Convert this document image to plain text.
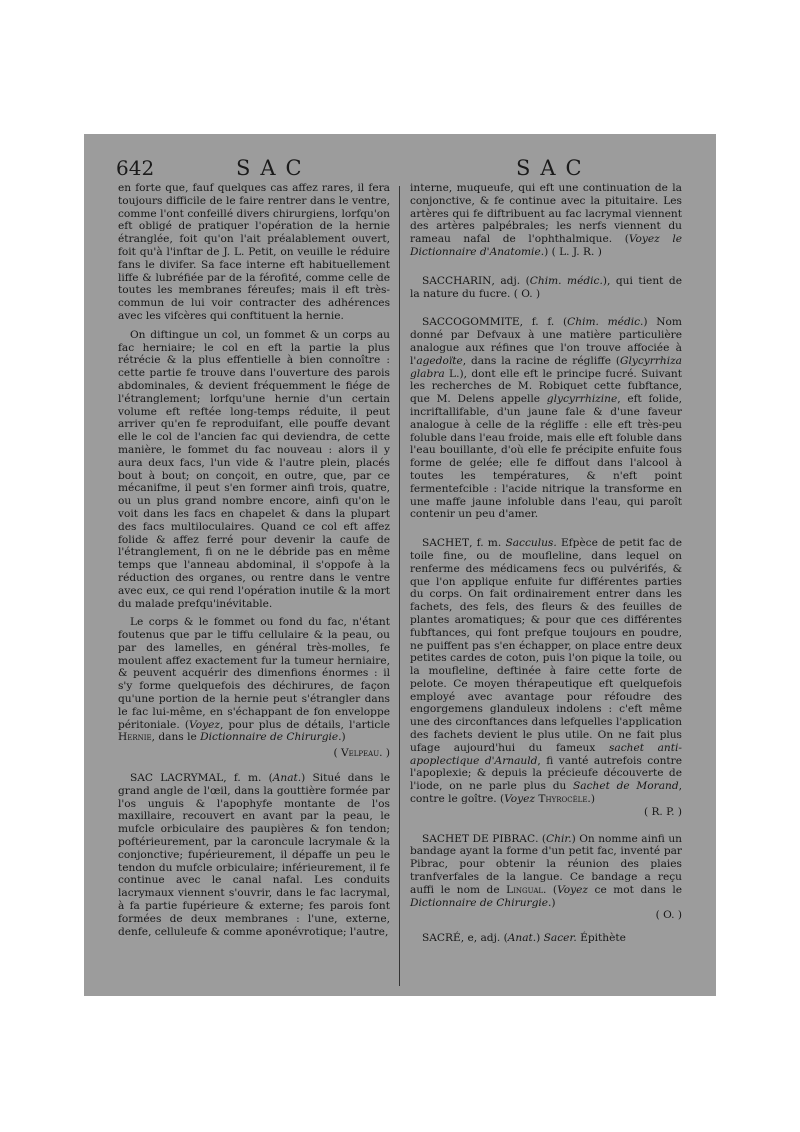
642	SAC	SAC

en forte que, fauf quelques cas affez rares, il fera toujours difficile de le faire rentrer dans le ventre, comme l'ont confeillé divers chirurgiens, lorfqu'on eft obligé de pratiquer l'opération de la hernie étranglée, foit qu'on l'ait préalablement ouvert, foit qu'à l'inftar de J. L. Petit, on veuille le réduire fans le divifer. Sa face interne eft habituellement liffe & lubréfiée par de la férofité, comme celle de toutes les membranes féreufes; mais il eft très-commun de lui voir contracter des adhérences avec les vifcères qui conftituent la hernie.

On diftingue un col, un fommet & un corps au fac herniaire; le col en eft la partie la plus rétrécie & la plus effentielle à bien connoître : cette partie fe trouve dans l'ouverture des parois abdominales, & devient fréquemment le fiége de l'étranglement; lorfqu'une hernie d'un certain volume eft reftée long-temps réduite, il peut arriver qu'en fe reproduifant, elle pouffe devant elle le col de l'ancien fac qui deviendra, de cette manière, le fommet du fac nouveau : alors il y aura deux facs, l'un vide & l'autre plein, placés bout à bout; on conçoit, en outre, que, par ce mécanifme, il peut s'en former ainfi trois, quatre, ou un plus grand nombre encore, ainfi qu'on le voit dans les facs en chapelet & dans la plupart des facs multiloculaires. Quand ce col eft affez folide & affez ferré pour devenir la caufe de l'étranglement, fi on ne le débride pas en même temps que l'anneau abdominal, il s'oppofe à la réduction des organes, ou rentre dans le ventre avec eux, ce qui rend l'opération inutile & la mort du malade prefqu'inévitable.

Le corps & le fommet ou fond du fac, n'étant foutenus que par le tiffu cellulaire & la peau, ou par des lamelles, en général très-molles, fe moulent affez exactement fur la tumeur herniaire, & peuvent acquérir des dimenfions énormes : il s'y forme quelquefois des déchirures, de façon qu'une portion de la hernie peut s'étrangler dans le fac lui-même, en s'échappant de fon enveloppe péritoniale. (Voyez, pour plus de détails, l'article Hernie, dans le Dictionnaire de Chirurgie.)

( Velpeau. )

SAC LACRYMAL, f. m. (Anat.) Situé dans le grand angle de l'œil, dans la gouttière formée par l'os unguis & l'apophyfe montante de l'os maxillaire, recouvert en avant par la peau, le mufcle orbiculaire des paupières & fon tendon; poftérieurement, par la caroncule lacrymale & la conjonctive; fupérieurement, il dépaffe un peu le tendon du mufcle orbiculaire; inférieurement, il fe continue avec le canal nafal. Les conduits lacrymaux viennent s'ouvrir, dans le fac lacrymal, à fa partie fupérieure & externe; fes parois font formées de deux membranes : l'une, externe, denfe, celluleufe & comme aponévrotique; l'autre,

interne, muqueufe, qui eft une continuation de la conjonctive, & fe continue avec la pituitaire. Les artères qui fe diftribuent au fac lacrymal viennent des artères palpébrales; les nerfs viennent du rameau nafal de l'ophthalmique. (Voyez le Dictionnaire d'Anatomie.) ( L. J. R. )

SACCHARIN, adj. (Chim. médic.), qui tient de la nature du fucre. ( O. )

SACCOGOMMITE, f. f. (Chim. médic.) Nom donné par Defvaux à une matière particulière analogue aux réfines que l'on trouve affociée à l'agedoïte, dans la racine de régliffe (Glycyrrhiza glabra L.), dont elle eft le principe fucré. Suivant les recherches de M. Robiquet cette fubftance, que M. Delens appelle glycyrrhizine, eft folide, incriftallifable, d'un jaune fale & d'une faveur analogue à celle de la régliffe : elle eft très-peu foluble dans l'eau froide, mais elle eft foluble dans l'eau bouillante, d'où elle fe précipite enfuite fous forme de gelée; elle fe diffout dans l'alcool à toutes les températures, & n'eft point fermentefcible : l'acide nitrique la transforme en une maffe jaune infoluble dans l'eau, qui paroît contenir un peu d'amer.

SACHET, f. m. Sacculus. Efpèce de petit fac de toile fine, ou de moufleline, dans lequel on renferme des médicamens fecs ou pulvérifés, & que l'on applique enfuite fur différentes parties du corps. On fait ordinairement entrer dans les fachets, des fels, des fleurs & des feuilles de plantes aromatiques; & pour que ces différentes fubftances, qui font prefque toujours en poudre, ne puiffent pas s'en échapper, on place entre deux petites cardes de coton, puis l'on pique la toile, ou la moufleline, deftinée à faire cette forte de pelote. Ce moyen thérapeutique eft quelquefois employé avec avantage pour réfoudre des engorgemens glanduleux indolens : c'eft même une des circonftances dans lefquelles l'application des fachets devient le plus utile. On ne fait plus ufage aujourd'hui du fameux sachet anti-apoplectique d'Arnauld, fi vanté autrefois contre l'apoplexie; & depuis la précieufe découverte de l'iode, on ne parle plus du Sachet de Morand, contre le goître. (Voyez Thyrocèle.)

( R. P. )

SACHET DE PIBRAC. (Chir.) On nomme ainfi un bandage ayant la forme d'un petit fac, inventé par Pibrac, pour obtenir la réunion des plaies tranfverfales de la langue. Ce bandage a reçu auffi le nom de Lingual. (Voyez ce mot dans le Dictionnaire de Chirurgie.)

( O. )

SACRÉ, e, adj. (Anat.) Sacer. Épithète
